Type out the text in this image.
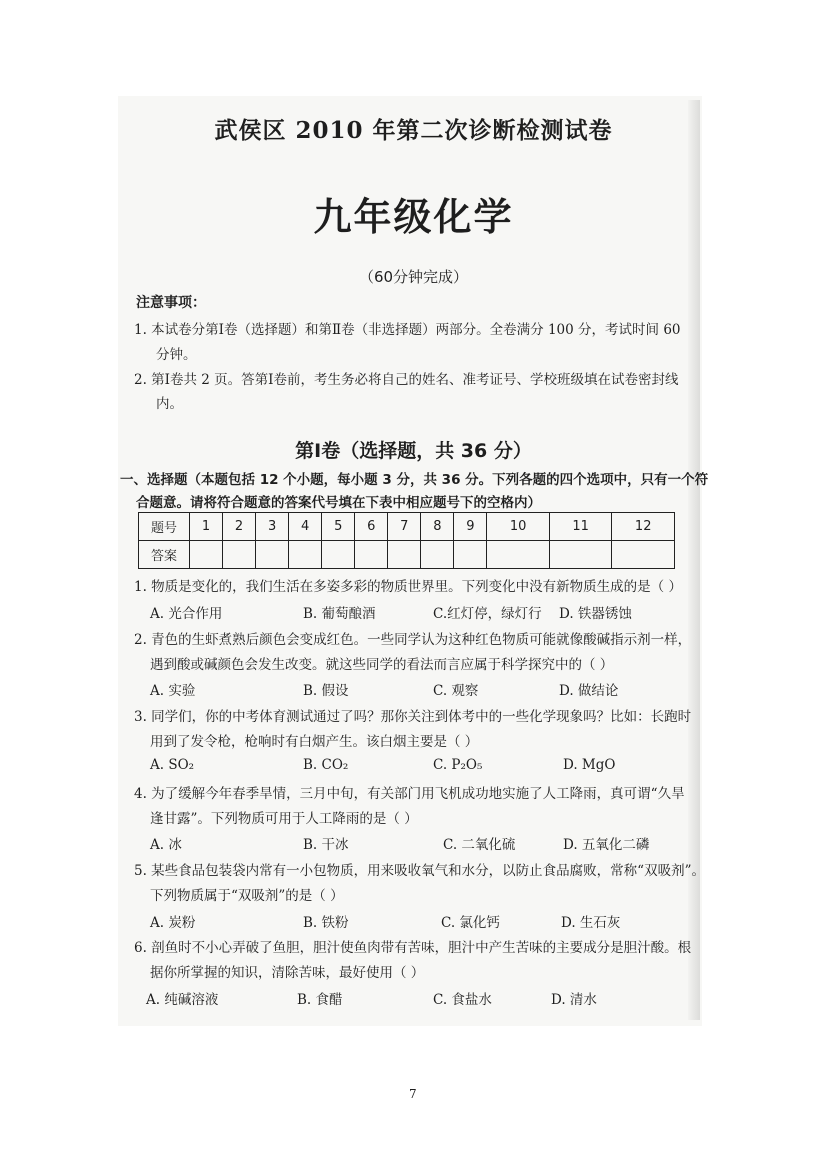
武侯区 2010 年第二次诊断检测试卷
九年级化学
（60分钟完成）
注意事项：
1. 本试卷分第Ⅰ卷（选择题）和第Ⅱ卷（非选择题）两部分。全卷满分 100 分，考试时间 60
分钟。
2. 第Ⅰ卷共 2 页。答第Ⅰ卷前，考生务必将自己的姓名、准考证号、学校班级填在试卷密封线
内。
第Ⅰ卷（选择题，共 36 分）
一、选择题（本题包括 12 个小题，每小题 3 分，共 36 分。下列各题的四个选项中，只有一个符
合题意。请将符合题意的答案代号填在下表中相应题号下的空格内）
题号	1	2	3	4	5	6	7	8	9	10	11	12
答案												
1. 物质是变化的，我们生活在多姿多彩的物质世界里。下列变化中没有新物质生成的是（ ）
A. 光合作用	B. 葡萄酿酒	C.红灯停，绿灯行 D. 铁器锈蚀
2. 青色的生虾煮熟后颜色会变成红色。一些同学认为这种红色物质可能就像酸碱指示剂一样，
遇到酸或碱颜色会发生改变。就这些同学的看法而言应属于科学探究中的（ ）
A. 实验	B. 假设	C. 观察	D. 做结论
3. 同学们，你的中考体育测试通过了吗？那你关注到体考中的一些化学现象吗？比如：长跑时
用到了发令枪，枪响时有白烟产生。该白烟主要是（ ）
A. SO₂	B. CO₂	C. P₂O₅	D. MgO
4. 为了缓解今年春季旱情，三月中旬，有关部门用飞机成功地实施了人工降雨，真可谓“久旱
逢甘露”。下列物质可用于人工降雨的是（ ）
A. 冰	B. 干冰	C. 二氧化硫	D. 五氧化二磷
5. 某些食品包装袋内常有一小包物质，用来吸收氧气和水分，以防止食品腐败，常称“双吸剂”。
下列物质属于“双吸剂”的是（ ）
A. 炭粉	B. 铁粉	C. 氯化钙	D. 生石灰
6. 剖鱼时不小心弄破了鱼胆，胆汁使鱼肉带有苦味，胆汁中产生苦味的主要成分是胆汁酸。根
据你所掌握的知识，清除苦味，最好使用（ ）
A. 纯碱溶液	B. 食醋	C. 食盐水	D. 清水
7
